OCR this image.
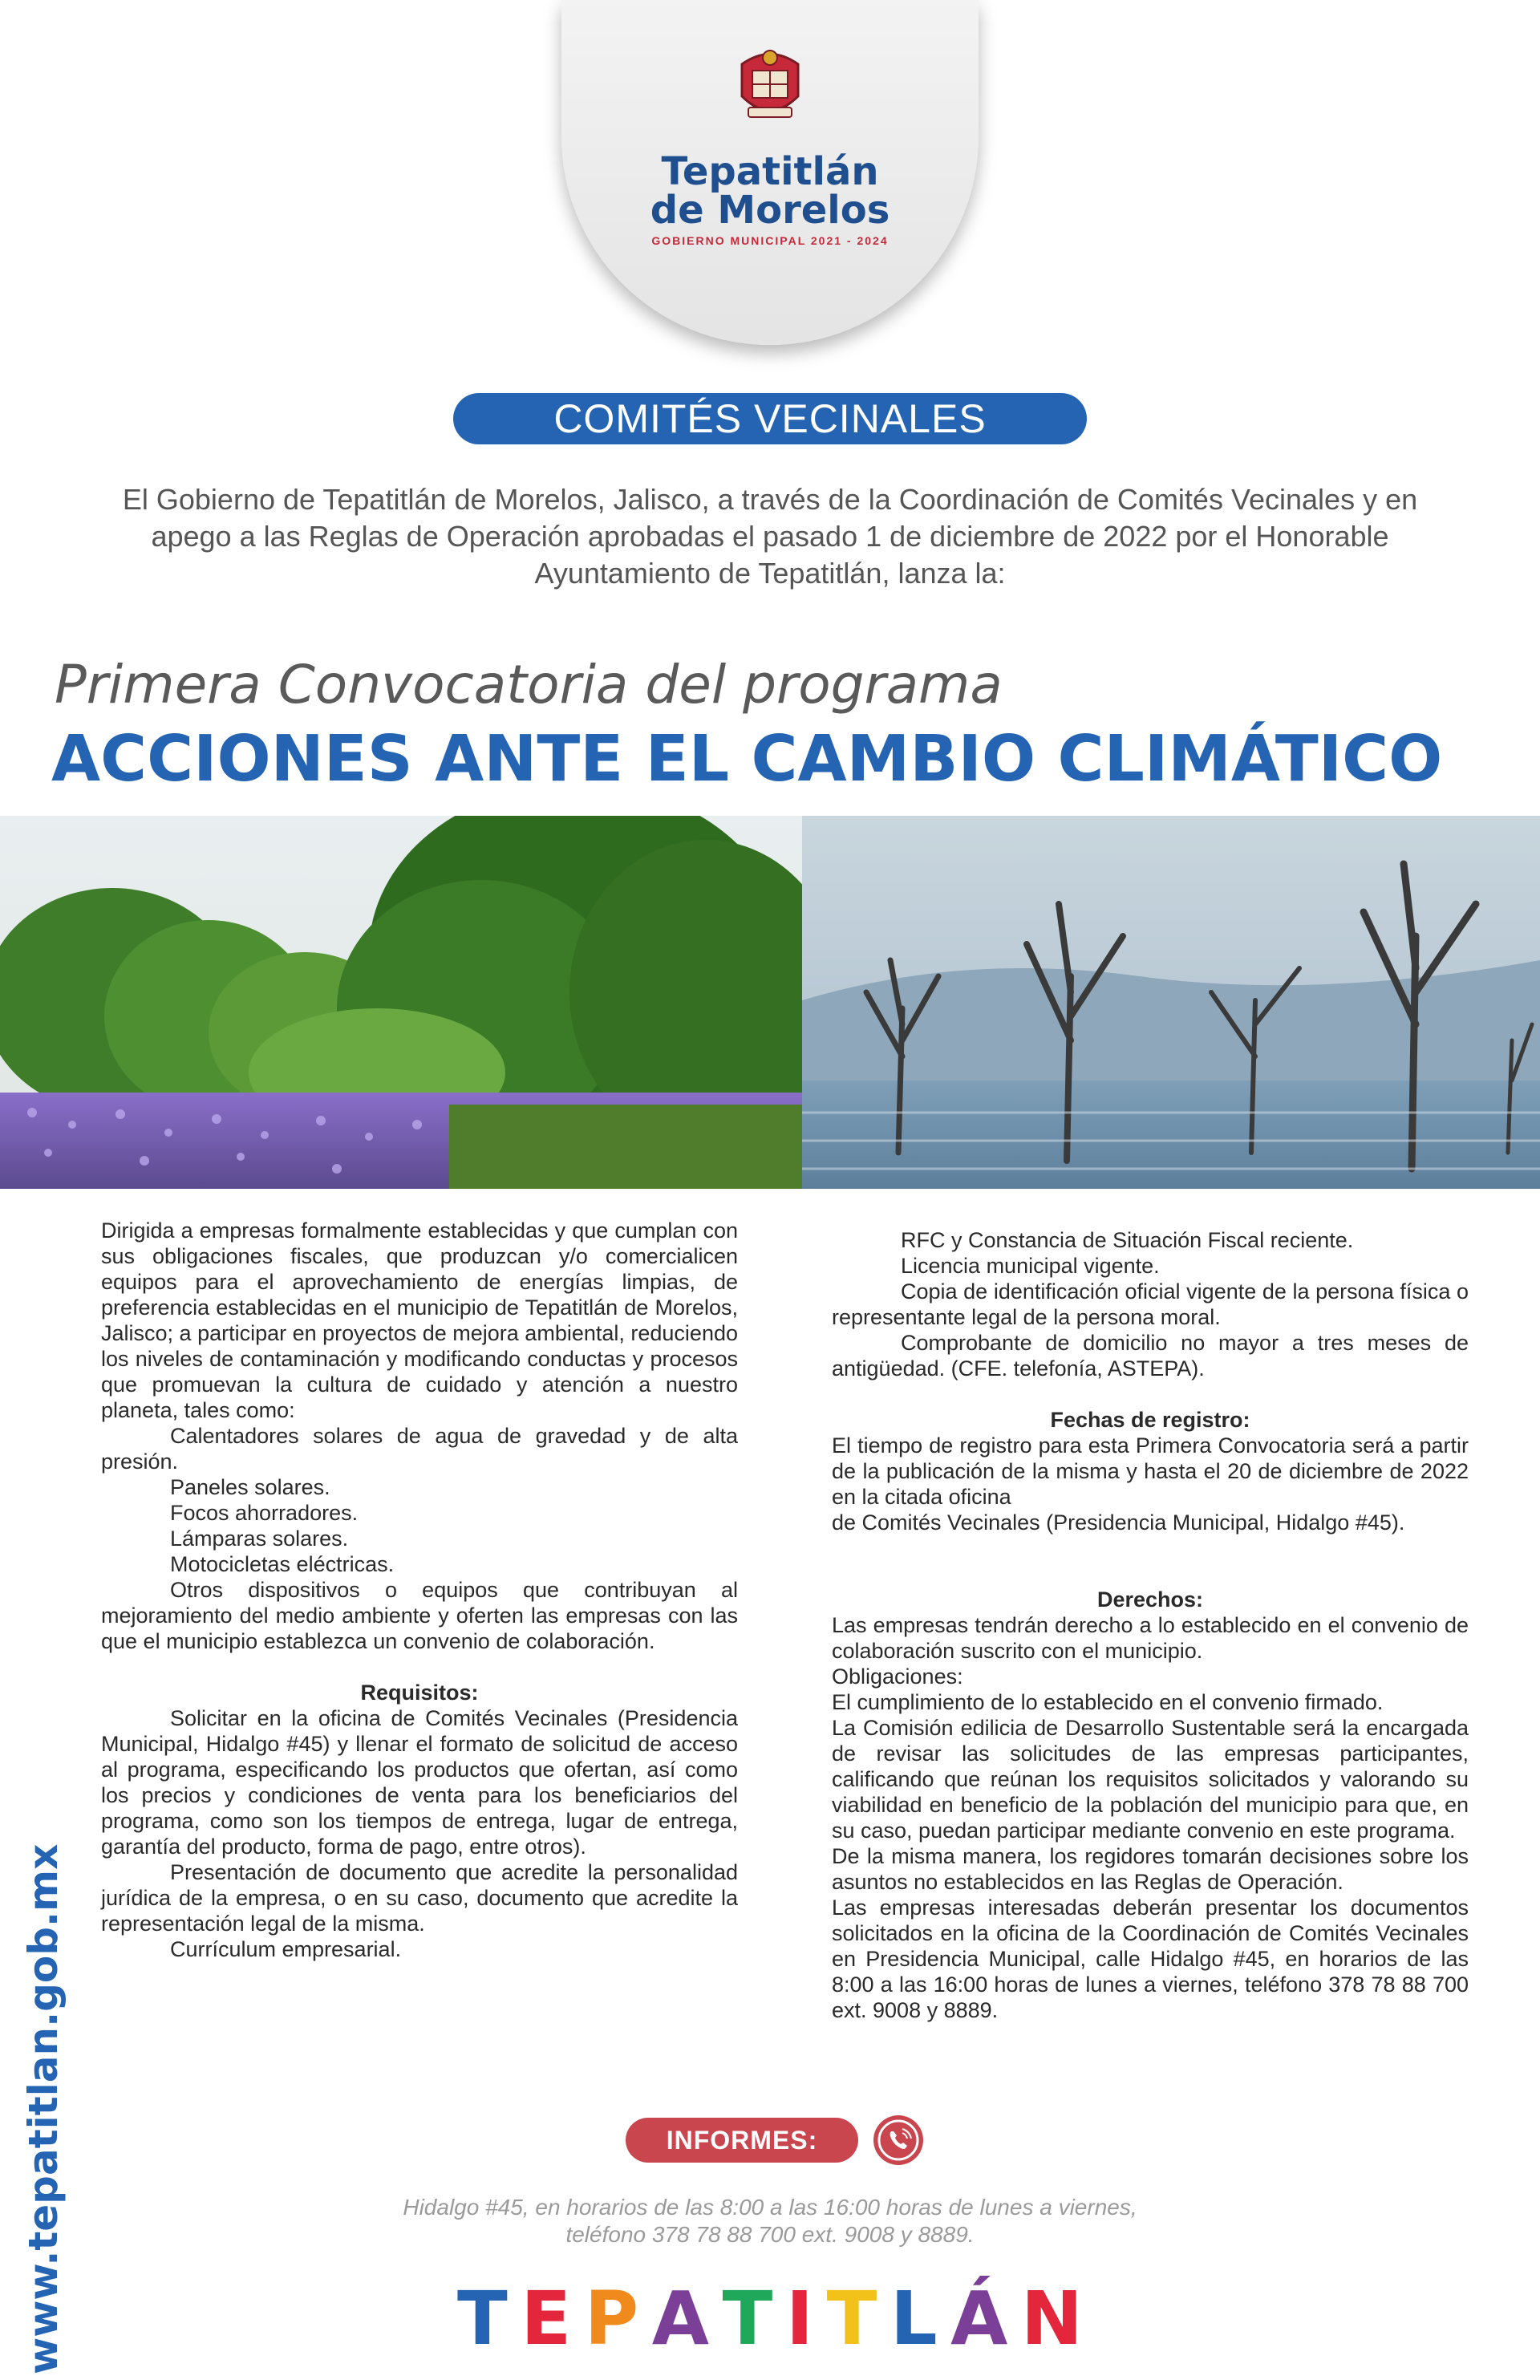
Tepatitlán
de Morelos
GOBIERNO MUNICIPAL 2021 - 2024
COMITÉS VECINALES
El Gobierno de Tepatitlán de Morelos, Jalisco, a través de la Coordinación de Comités Vecinales y en apego a las Reglas de Operación aprobadas el pasado 1 de diciembre de 2022 por el Honorable Ayuntamiento de Tepatitlán, lanza la:
Primera Convocatoria del programa
ACCIONES ANTE EL CAMBIO CLIMÁTICO

Dirigida a empresas formalmente establecidas y que cumplan con sus obligaciones fiscales, que produzcan y/o comercialicen equipos para el aprovechamiento de energías limpias, de preferencia establecidas en el municipio de Tepatitlán de Morelos, Jalisco; a participar en proyectos de mejora ambiental, reduciendo los niveles de contaminación y modificando conductas y procesos que promuevan la cultura de cuidado y atención a nuestro planeta, tales como:

Calentadores solares de agua de gravedad y de alta presión.

Paneles solares.

Focos ahorradores.

Lámparas solares.

Motocicletas eléctricas.

Otros dispositivos o equipos que contribuyan al mejoramiento del medio ambiente y oferten las empresas con las que el municipio establezca un convenio de colaboración.

Requisitos:

Solicitar en la oficina de Comités Vecinales (Presidencia Municipal, Hidalgo #45) y llenar el formato de solicitud de acceso al programa, especificando los productos que ofertan, así como los precios y condiciones de venta para los beneficiarios del programa, como son los tiempos de entrega, lugar de entrega, garantía del producto, forma de pago, entre otros).

Presentación de documento que acredite la personalidad jurídica de la empresa, o en su caso, documento que acredite la representación legal de la misma.

Currículum empresarial.

RFC y Constancia de Situación Fiscal reciente.

Licencia municipal vigente.

Copia de identificación oficial vigente de la persona física o representante legal de la persona moral.

Comprobante de domicilio no mayor a tres meses de antigüedad. (CFE. telefonía, ASTEPA).

Fechas de registro:

El tiempo de registro para esta Primera Convocatoria será a partir de la publicación de la misma y hasta el 20 de diciembre de 2022 en la citada oficina

de Comités Vecinales (Presidencia Municipal, Hidalgo #45).

Derechos:

Las empresas tendrán derecho a lo establecido en el convenio de colaboración suscrito con el municipio.

Obligaciones:

El cumplimiento de lo establecido en el convenio firmado.

La Comisión edilicia de Desarrollo Sustentable será la encargada de revisar las solicitudes de las empresas participantes, calificando que reúnan los requisitos solicitados y valorando su viabilidad en beneficio de la población del municipio para que, en su caso, puedan participar mediante convenio en este programa.

De la misma manera, los regidores tomarán decisiones sobre los asuntos no establecidos en las Reglas de Operación.

Las empresas interesadas deberán presentar los documentos solicitados en la oficina de la Coordinación de Comités Vecinales en Presidencia Municipal, calle Hidalgo #45, en horarios de las 8:00 a las 16:00 horas de lunes a viernes, teléfono 378 78 88 700 ext. 9008 y 8889.

www.tepatitlan.gob.mx	INFORMES:
Hidalgo #45, en horarios de las 8:00 a las 16:00 horas de lunes a viernes,
teléfono 378 78 88 700 ext. 9008 y 8889.
T E P A T I T L Á N
